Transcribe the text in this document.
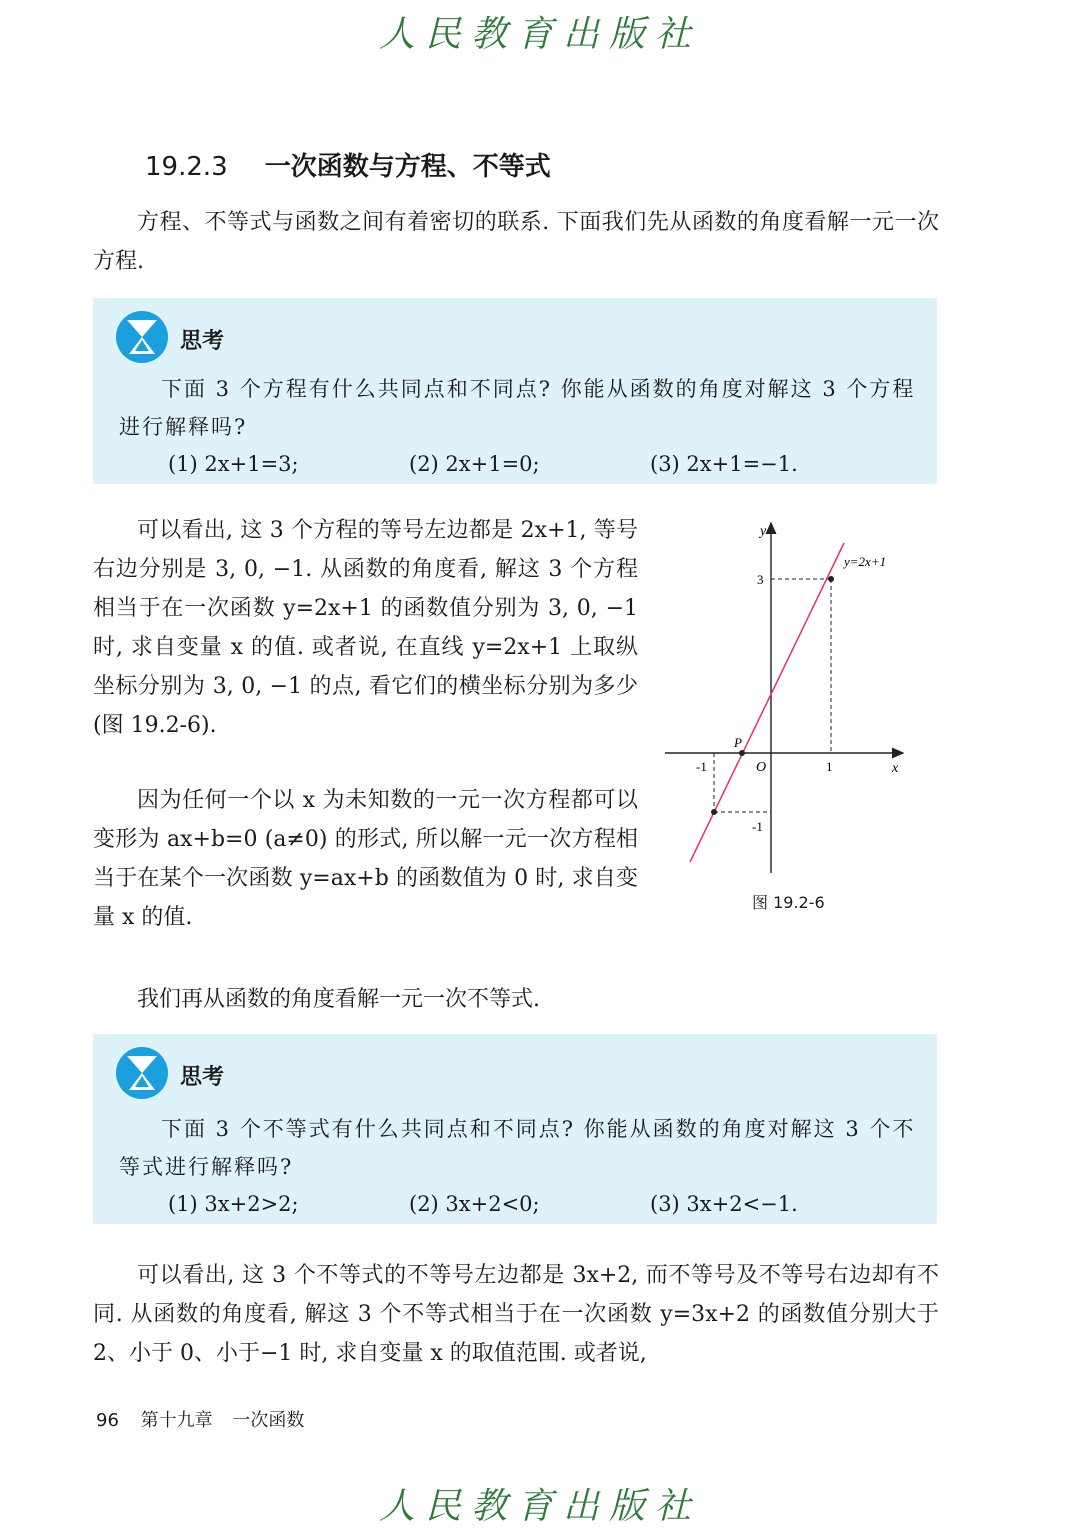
人民教育出版社
19.2.3 一次函数与方程、不等式

方程、不等式与函数之间有着密切的联系. 下面我们先从函数的角度看解一元一次方程.

思考

下面 3 个方程有什么共同点和不同点? 你能从函数的角度对解这 3 个方程进行解释吗?

(1) 2x+1=3;	(2) 2x+1=0;	(3) 2x+1=−1.

可以看出, 这 3 个方程的等号左边都是 2x+1, 等号右边分别是 3, 0, −1. 从函数的角度看, 解这 3 个方程相当于在一次函数 y=2x+1 的函数值分别为 3, 0, −1 时, 求自变量 x 的值. 或者说, 在直线 y=2x+1 上取纵坐标分别为 3, 0, −1 的点, 看它们的横坐标分别为多少 (图 19.2-6).

因为任何一个以 x 为未知数的一元一次方程都可以变形为 ax+b=0 (a≠0) 的形式, 所以解一元一次方程相当于在某个一次函数 y=ax+b 的函数值为 0 时, 求自变量 x 的值.

y=2x+1
y
x
O
P
1
-1
3
-1
图 19.2-6

我们再从函数的角度看解一元一次不等式.

思考

下面 3 个不等式有什么共同点和不同点? 你能从函数的角度对解这 3 个不等式进行解释吗?

(1) 3x+2>2;	(2) 3x+2<0;	(3) 3x+2<−1.

可以看出, 这 3 个不等式的不等号左边都是 3x+2, 而不等号及不等号右边却有不同. 从函数的角度看, 解这 3 个不等式相当于在一次函数 y=3x+2 的函数值分别大于 2、小于 0、小于−1 时, 求自变量 x 的取值范围. 或者说,

96 第十九章 一次函数
人民教育出版社
